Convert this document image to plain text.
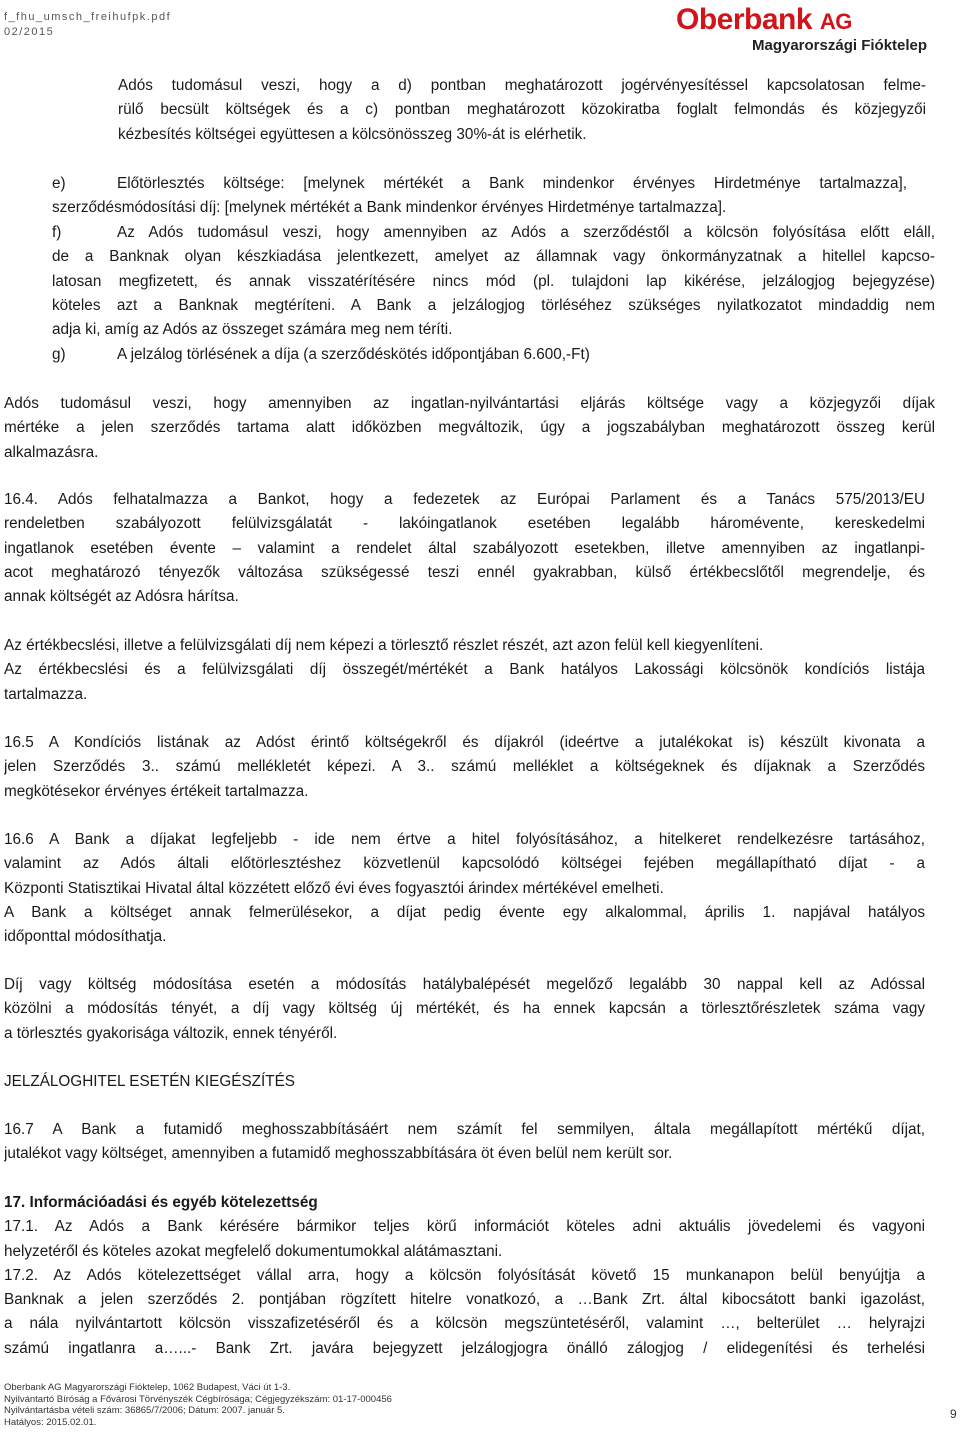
f_fhu_umsch_freihufpk.pdf
02/2015	Oberbank AG
Magyarországi Fióktelep
Adós tudomásul veszi, hogy a d) pontban meghatározott jogérvényesítéssel kapcsolatosan felme-
rülő becsült költségek és a c) pontban meghatározott közokiratba foglalt felmondás és közjegyzői
kézbesítés költségei együttesen a kölcsönösszeg 30%-át is elérhetik.
e)	Előtörlesztés költsége: [melynek mértékét a Bank mindenkor érvényes Hirdetménye tartalmazza],
szerződésmódosítási díj: [melynek mértékét a Bank mindenkor érvényes Hirdetménye tartalmazza].
f)	Az Adós tudomásul veszi, hogy amennyiben az Adós a szerződéstől a kölcsön folyósítása előtt eláll,
de a Banknak olyan készkiadása jelentkezett, amelyet az államnak vagy önkormányzatnak a hitellel kapcso-
latosan megfizetett, és annak visszatérítésére nincs mód (pl. tulajdoni lap kikérése, jelzálogjog bejegyzése)
köteles azt a Banknak megtéríteni. A Bank a jelzálogjog törléséhez szükséges nyilatkozatot mindaddig nem
adja ki, amíg az Adós az összeget számára meg nem téríti.
g)	A jelzálog törlésének a díja (a szerződéskötés időpontjában 6.600,-Ft)
Adós tudomásul veszi, hogy amennyiben az ingatlan-nyilvántartási eljárás költsége vagy a közjegyzői díjak
mértéke a jelen szerződés tartama alatt időközben megváltozik, úgy a jogszabályban meghatározott összeg kerül
alkalmazásra.
16.4. Adós felhatalmazza a Bankot, hogy a fedezetek az Európai Parlament és a Tanács 575/2013/EU
rendeletben szabályozott felülvizsgálatát - lakóingatlanok esetében legalább háromévente, kereskedelmi
ingatlanok esetében évente – valamint a rendelet által szabályozott esetekben, illetve amennyiben az ingatlanpi-
acot meghatározó tényezők változása szükségessé teszi ennél gyakrabban, külső értékbecslőtől megrendelje, és
annak költségét az Adósra hárítsa.
Az értékbecslési, illetve a felülvizsgálati díj nem képezi a törlesztő részlet részét, azt azon felül kell kiegyenlíteni.
Az értékbecslési és a felülvizsgálati díj összegét/mértékét a Bank hatályos Lakossági kölcsönök kondíciós listája
tartalmazza.
16.5 A Kondíciós listának az Adóst érintő költségekről és díjakról (ideértve a jutalékokat is) készült kivonata a
jelen Szerződés 3.. számú mellékletét képezi. A 3.. számú melléklet a költségeknek és díjaknak a Szerződés
megkötésekor érvényes értékeit tartalmazza.
16.6 A Bank a díjakat legfeljebb - ide nem értve a hitel folyósításához, a hitelkeret rendelkezésre tartásához,
valamint az Adós általi előtörlesztéshez közvetlenül kapcsolódó költségei fejében megállapítható díjat - a
Központi Statisztikai Hivatal által közzétett előző évi éves fogyasztói árindex mértékével emelheti.
A Bank a költséget annak felmerülésekor, a díjat pedig évente egy alkalommal, április 1. napjával hatályos
időponttal módosíthatja.
Díj vagy költség módosítása esetén a módosítás hatálybalépését megelőző legalább 30 nappal kell az Adóssal
közölni a módosítás tényét, a díj vagy költség új mértékét, és ha ennek kapcsán a törlesztőrészletek száma vagy
a törlesztés gyakorisága változik, ennek tényéről.
JELZÁLOGHITEL ESETÉN KIEGÉSZÍTÉS
16.7 A Bank a futamidő meghosszabbításáért nem számít fel semmilyen, általa megállapított mértékű díjat,
jutalékot vagy költséget, amennyiben a futamidő meghosszabbítására öt éven belül nem került sor.
17. Információadási és egyéb kötelezettség
17.1. Az Adós a Bank kérésére bármikor teljes körű információt köteles adni aktuális jövedelemi és vagyoni
helyzetéről és köteles azokat megfelelő dokumentumokkal alátámasztani.
17.2. Az Adós kötelezettséget vállal arra, hogy a kölcsön folyósítását követő 15 munkanapon belül benyújtja a
Banknak a jelen szerződés 2. pontjában rögzített hitelre vonatkozó, a …Bank Zrt. által kibocsátott banki igazolást,
a nála nyilvántartott kölcsön visszafizetéséről és a kölcsön megszüntetéséről, valamint …, belterület … helyrajzi
számú ingatlanra a…...- Bank Zrt. javára bejegyzett jelzálogjogra önálló zálogjog / elidegenítési és terhelési
Oberbank AG Magyarországi Fióktelep, 1062 Budapest, Váci út 1-3.
Nyilvántartó Bíróság a Fővárosi Törvényszék Cégbírósága; Cégjegyzékszám: 01-17-000456
Nyilvántartásba vételi szám: 36865/7/2006; Dátum: 2007. január 5.
Hatályos: 2015.02.01.
9
